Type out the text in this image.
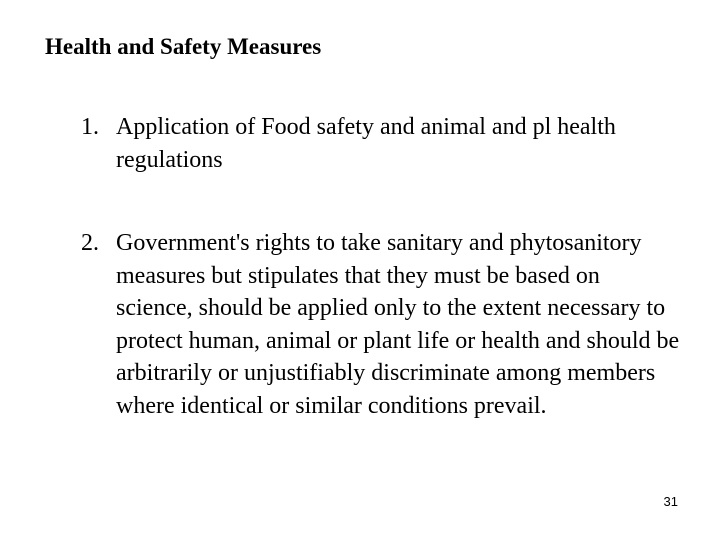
Health and Safety Measures
1. Application of Food safety and animal and pl health regulations
2. Government's rights to take sanitary and phytosanitory measures but stipulates that they must be based on science, should be applied only to the extent necessary to protect human, animal or plant life or health and should be arbitrarily or unjustifiably discriminate among members where identical or similar conditions prevail.
31
